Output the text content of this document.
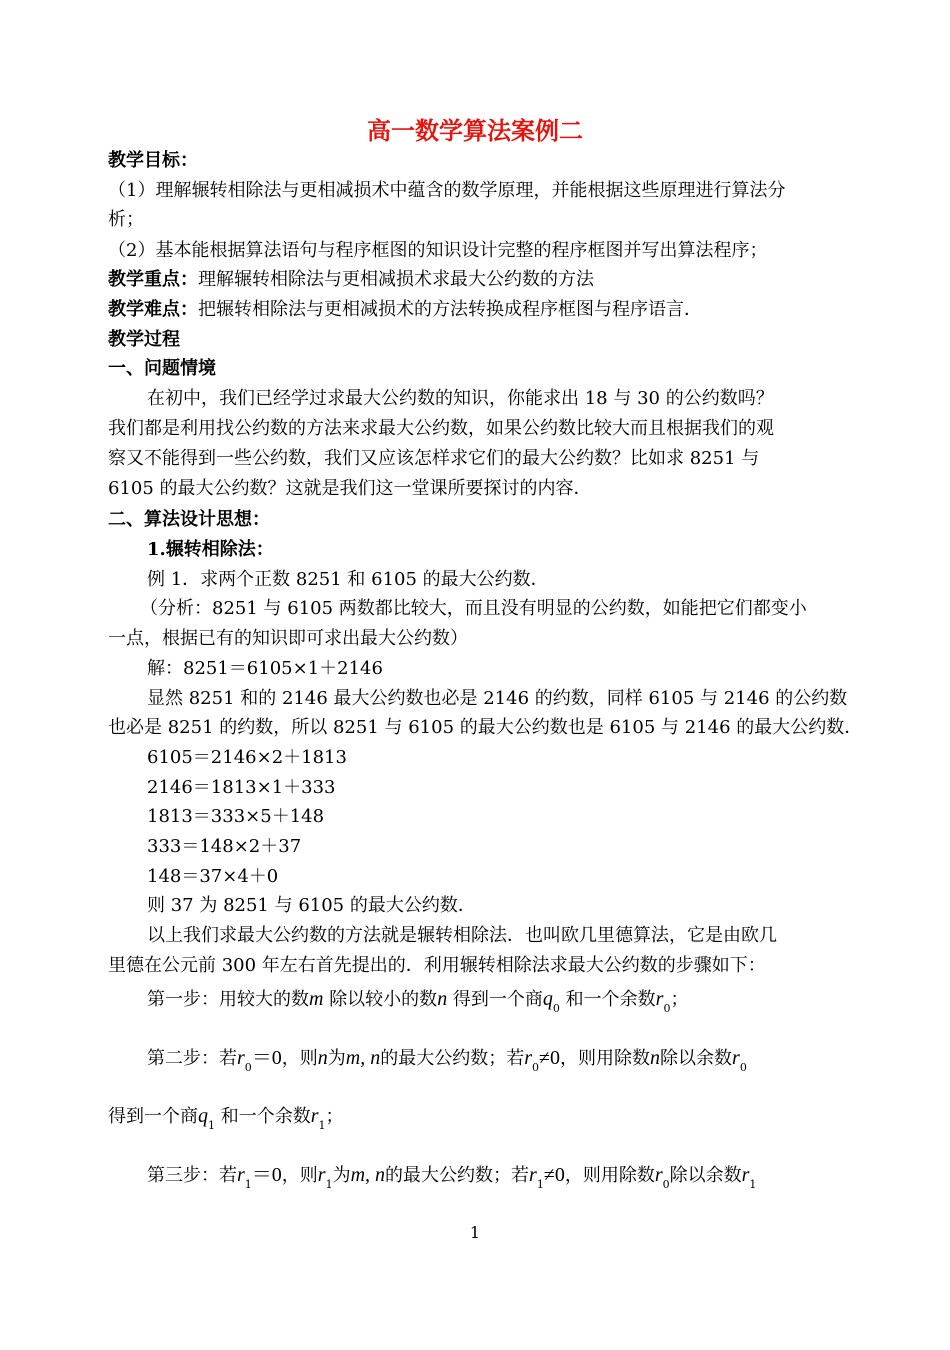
高一数学算法案例二
教学目标：
（1）理解辗转相除法与更相减损术中蕴含的数学原理，并能根据这些原理进行算法分
析；
（2）基本能根据算法语句与程序框图的知识设计完整的程序框图并写出算法程序；
教学重点：理解辗转相除法与更相减损术求最大公约数的方法
教学难点：把辗转相除法与更相减损术的方法转换成程序框图与程序语言．
教学过程
一、问题情境
在初中，我们已经学过求最大公约数的知识，你能求出 18 与 30 的公约数吗？
我们都是利用找公约数的方法来求最大公约数，如果公约数比较大而且根据我们的观
察又不能得到一些公约数，我们又应该怎样求它们的最大公约数？比如求 8251 与
6105 的最大公约数？这就是我们这一堂课所要探讨的内容．
二、算法设计思想：
1.辗转相除法：
例 1．求两个正数 8251 和 6105 的最大公约数．
（分析：8251 与 6105 两数都比较大，而且没有明显的公约数，如能把它们都变小
一点，根据已有的知识即可求出最大公约数）
解：8251＝6105×1＋2146
显然 8251 和的 2146 最大公约数也必是 2146 的约数，同样 6105 与 2146 的公约数
也必是 8251 的约数，所以 8251 与 6105 的最大公约数也是 6105 与 2146 的最大公约数．
6105＝2146×2＋1813
2146＝1813×1＋333
1813＝333×5＋148
333＝148×2＋37
148＝37×4＋0
则 37 为 8251 与 6105 的最大公约数．
以上我们求最大公约数的方法就是辗转相除法．也叫欧几里德算法，它是由欧几
里德在公元前 300 年左右首先提出的．利用辗转相除法求最大公约数的步骤如下：
第一步：用较大的数m 除以较小的数n 得到一个商$q_0$ 和一个余数$r_0$；
第二步：若$r_0=0$，则n为m, n的最大公约数；若$r_0\ne 0$，则用除数n除以余数$r_0$
得到一个商$q_1$ 和一个余数$r_1$；
第三步：若$r_1=0$，则$r_1$为m, n的最大公约数；若$r_1\ne 0$，则用除数$r_0$除以余数$r_1$
1
